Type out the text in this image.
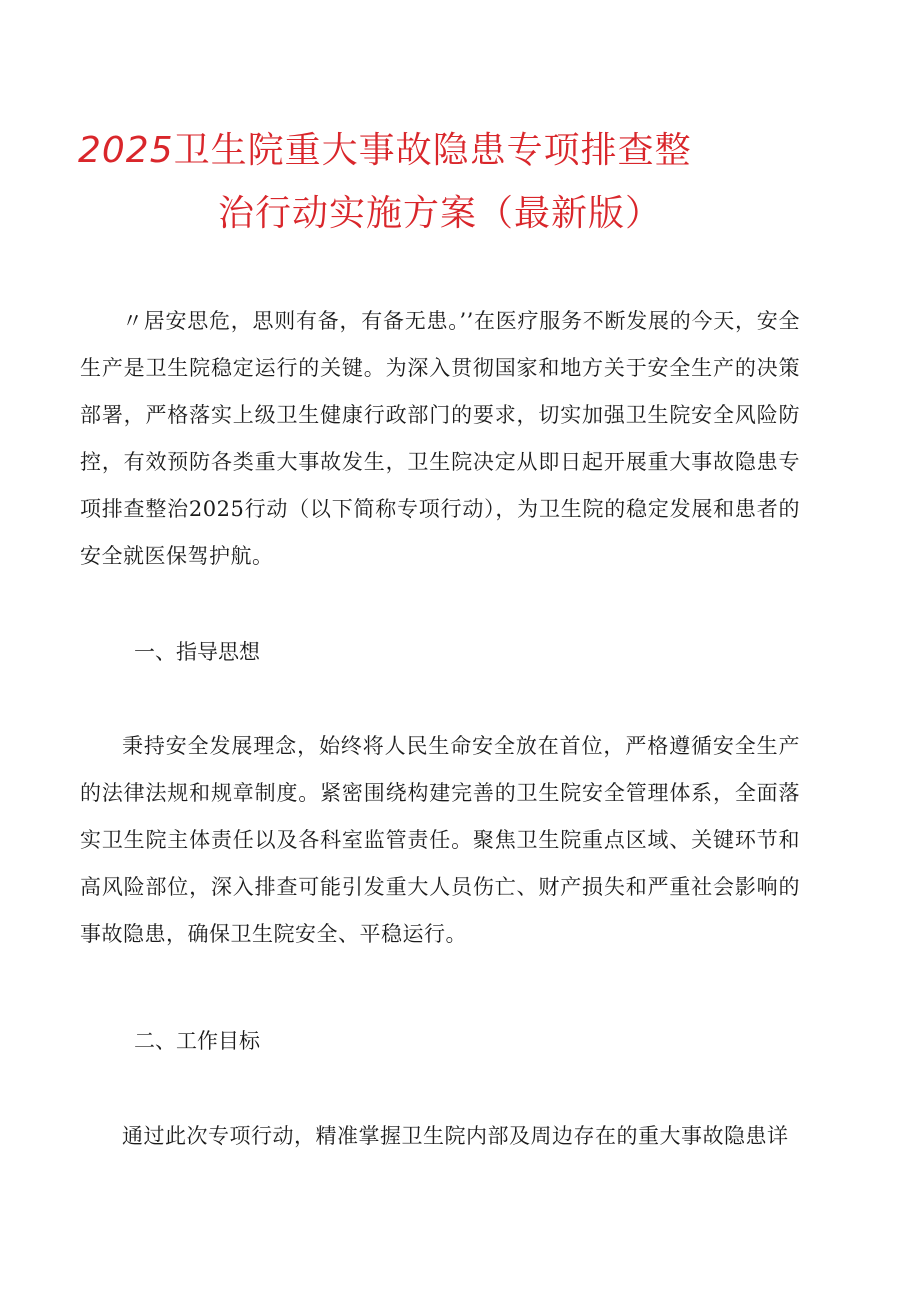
2025卫生院重大事故隐患专项排查整
治行动实施方案（最新版）

〃居安思危，思则有备，有备无患。’’在医疗服务不断发展的今天，安全生产是卫生院稳定运行的关键。为深入贯彻国家和地方关于安全生产的决策部署，严格落实上级卫生健康行政部门的要求，切实加强卫生院安全风险防控，有效预防各类重大事故发生，卫生院决定从即日起开展重大事故隐患专项排查整治2025行动（以下简称专项行动），为卫生院的稳定发展和患者的安全就医保驾护航。

一、指导思想

秉持安全发展理念，始终将人民生命安全放在首位，严格遵循安全生产的法律法规和规章制度。紧密围绕构建完善的卫生院安全管理体系，全面落实卫生院主体责任以及各科室监管责任。聚焦卫生院重点区域、关键环节和高风险部位，深入排查可能引发重大人员伤亡、财产损失和严重社会影响的事故隐患，确保卫生院安全、平稳运行。

二、工作目标

通过此次专项行动，精准掌握卫生院内部及周边存在的重大事故隐患详
